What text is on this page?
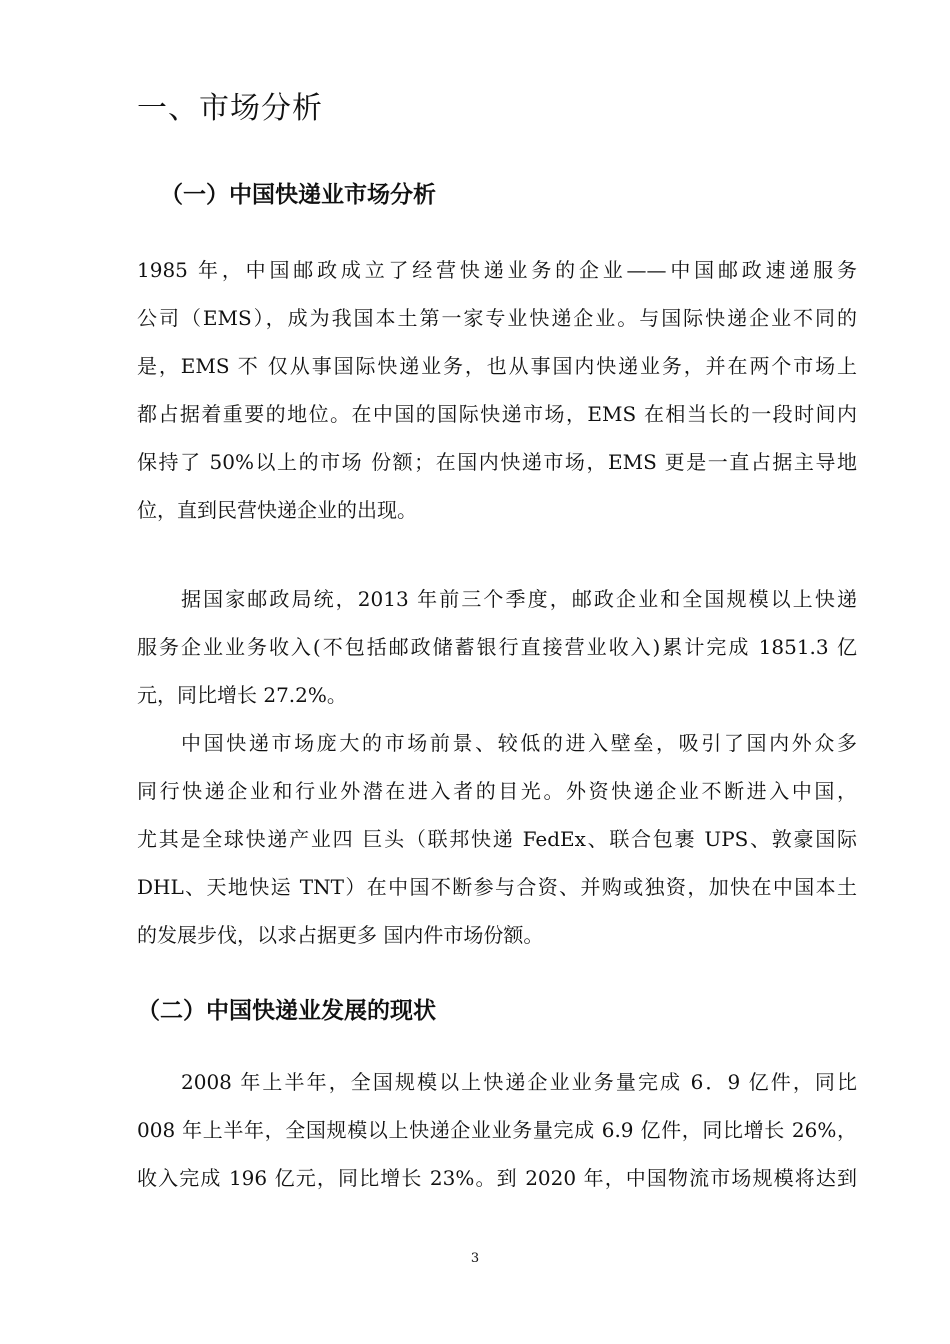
一、市场分析
（一）中国快递业市场分析
1985 年，中国邮政成立了经营快递业务的企业——中国邮政速递服务
公司（EMS），成为我国本土第一家专业快递企业。与国际快递企业不同的
是，EMS 不 仅从事国际快递业务，也从事国内快递业务，并在两个市场上
都占据着重要的地位。在中国的国际快递市场，EMS 在相当长的一段时间内
保持了 50%以上的市场 份额；在国内快递市场，EMS 更是一直占据主导地
位，直到民营快递企业的出现。
据国家邮政局统，2013 年前三个季度，邮政企业和全国规模以上快递
服务企业业务收入(不包括邮政储蓄银行直接营业收入)累计完成 1851.3 亿
元，同比增长 27.2%。
中国快递市场庞大的市场前景、较低的进入壁垒，吸引了国内外众多
同行快递企业和行业外潜在进入者的目光。外资快递企业不断进入中国，
尤其是全球快递产业四 巨头（联邦快递 FedEx、联合包裹 UPS、敦豪国际
DHL、天地快运 TNT）在中国不断参与合资、并购或独资，加快在中国本土
的发展步伐，以求占据更多 国内件市场份额。
（二）中国快递业发展的现状
2008 年上半年，全国规模以上快递企业业务量完成 6．9 亿件，同比
008 年上半年，全国规模以上快递企业业务量完成 6.9 亿件，同比增长 26%，
收入完成 196 亿元，同比增长 23%。到 2020 年，中国物流市场规模将达到
3
